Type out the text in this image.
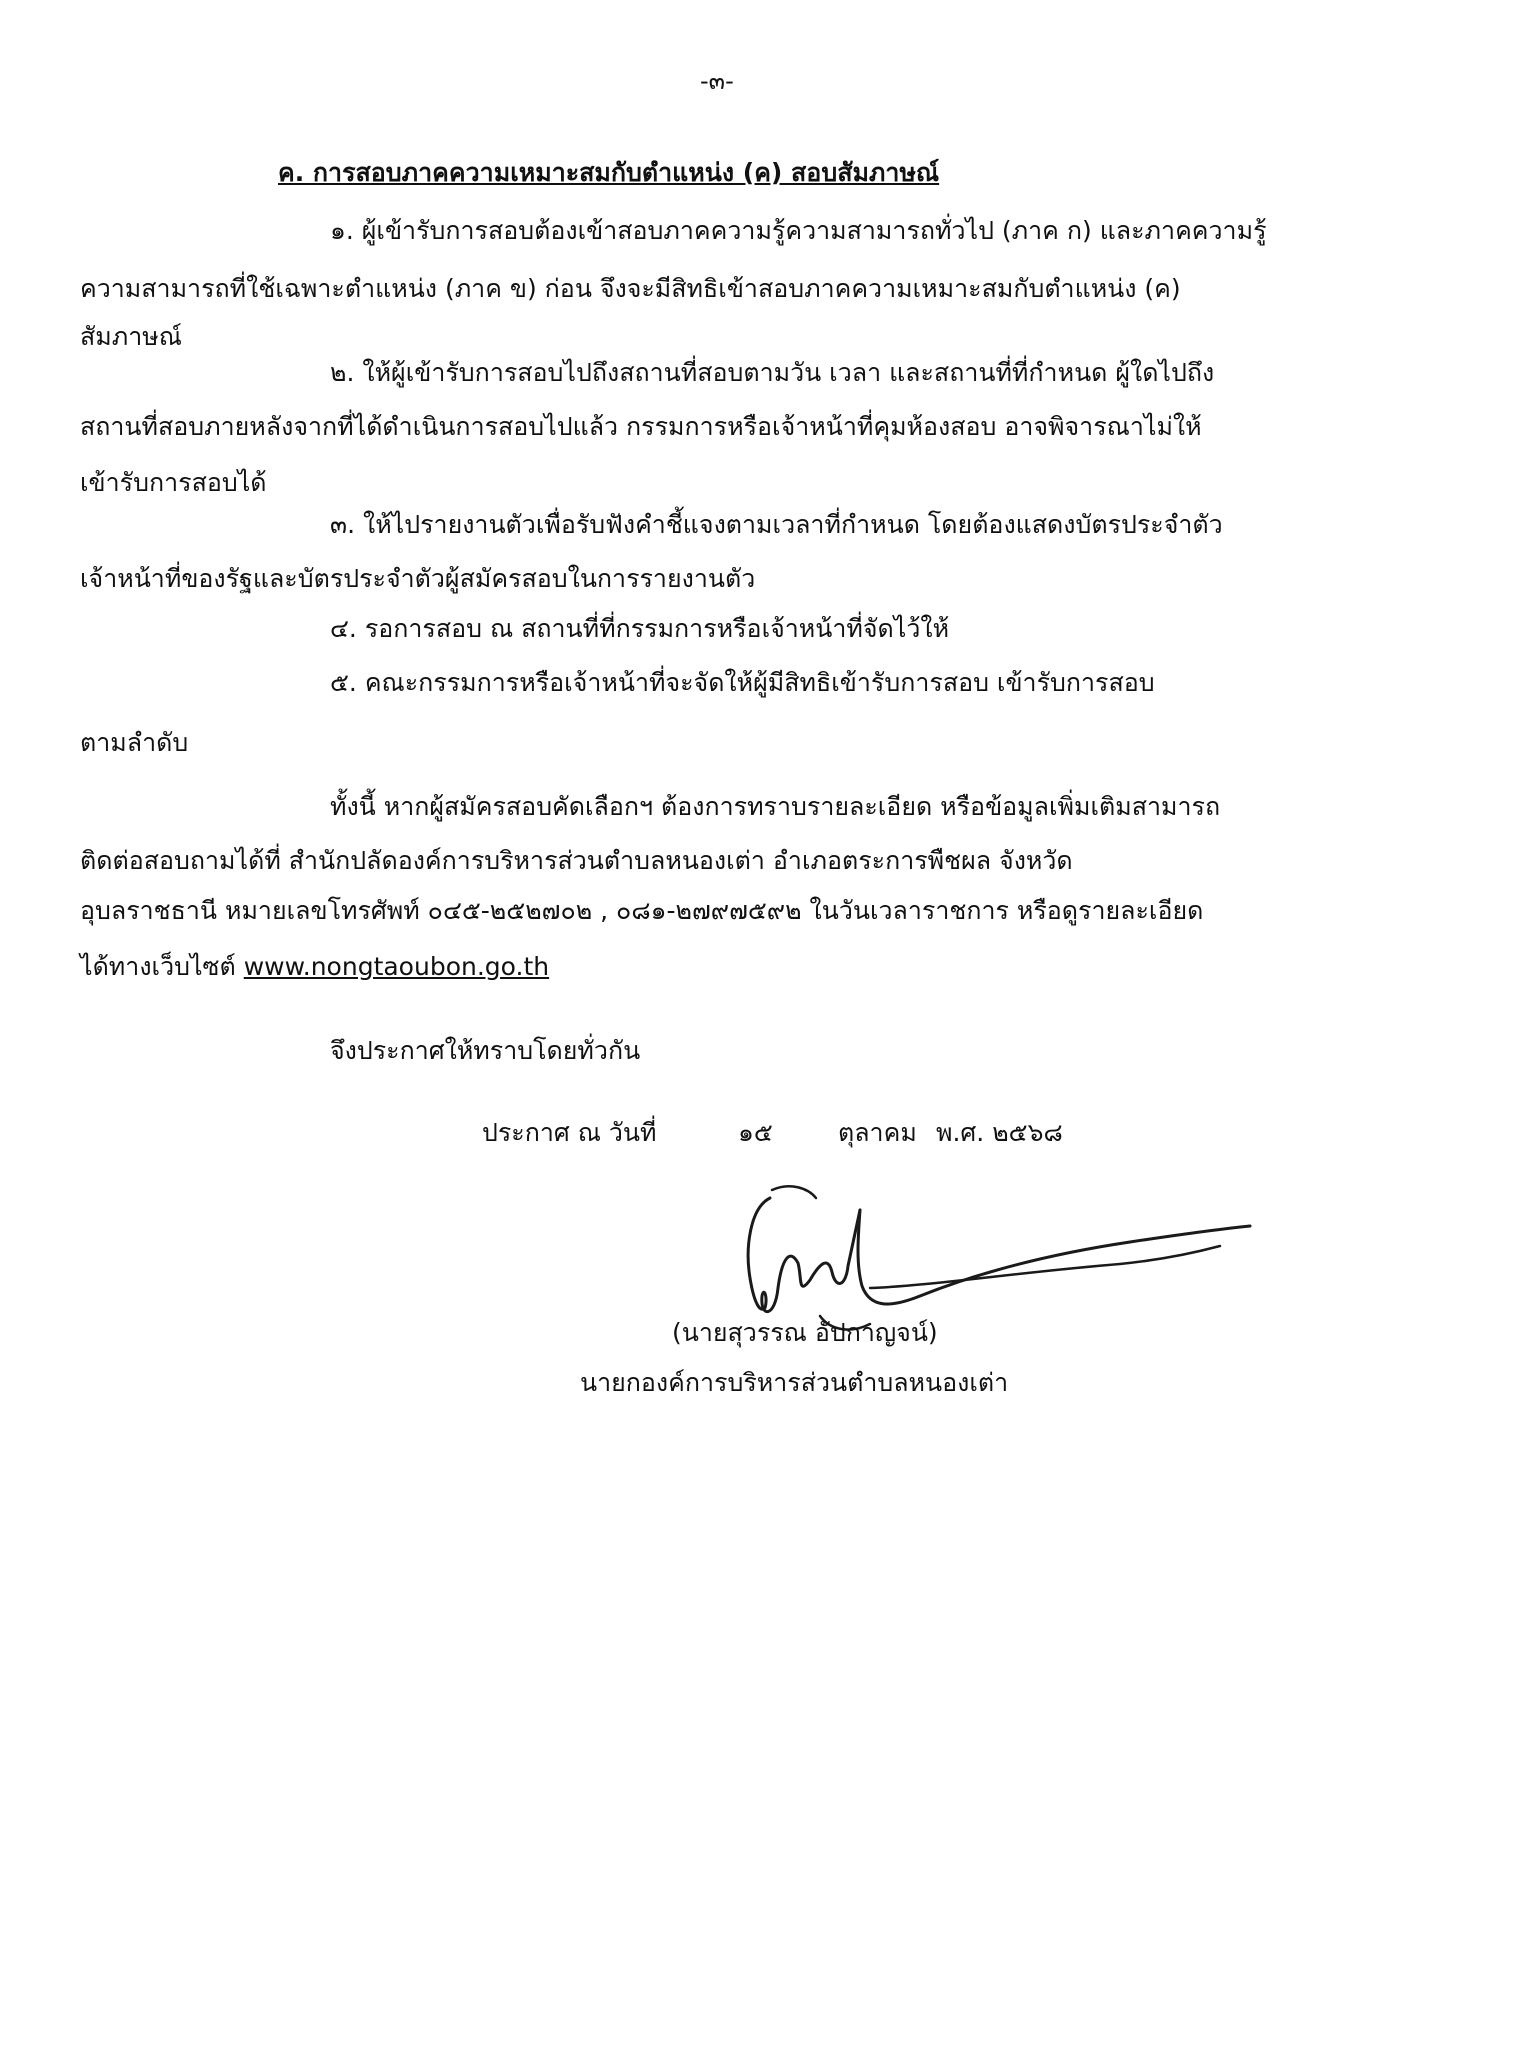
-๓-
ค. การสอบภาคความเหมาะสมกับตำแหน่ง (ค) สอบสัมภาษณ์
๑. ผู้เข้ารับการสอบต้องเข้าสอบภาคความรู้ความสามารถทั่วไป (ภาค ก) และภาคความรู้
ความสามารถที่ใช้เฉพาะตำแหน่ง (ภาค ข) ก่อน จึงจะมีสิทธิเข้าสอบภาคความเหมาะสมกับตำแหน่ง (ค)
สัมภาษณ์
๒. ให้ผู้เข้ารับการสอบไปถึงสถานที่สอบตามวัน เวลา และสถานที่ที่กำหนด ผู้ใดไปถึง
สถานที่สอบภายหลังจากที่ได้ดำเนินการสอบไปแล้ว กรรมการหรือเจ้าหน้าที่คุมห้องสอบ อาจพิจารณาไม่ให้
เข้ารับการสอบได้
๓. ให้ไปรายงานตัวเพื่อรับฟังคำชี้แจงตามเวลาที่กำหนด โดยต้องแสดงบัตรประจำตัว
เจ้าหน้าที่ของรัฐและบัตรประจำตัวผู้สมัครสอบในการรายงานตัว
๔. รอการสอบ ณ สถานที่ที่กรรมการหรือเจ้าหน้าที่จัดไว้ให้
๕. คณะกรรมการหรือเจ้าหน้าที่จะจัดให้ผู้มีสิทธิเข้ารับการสอบ เข้ารับการสอบ
ตามลำดับ
ทั้งนี้ หากผู้สมัครสอบคัดเลือกฯ ต้องการทราบรายละเอียด หรือข้อมูลเพิ่มเติมสามารถ
ติดต่อสอบถามได้ที่ สำนักปลัดองค์การบริหารส่วนตำบลหนองเต่า อำเภอตระการพืชผล จังหวัด
อุบลราชธานี หมายเลขโทรศัพท์ ๐๔๕-๒๕๒๗๐๒ , ๐๘๑-๒๗๙๗๕๙๒ ในวันเวลาราชการ หรือดูรายละเอียด
ได้ทางเว็บไซต์ www.nongtaoubon.go.th
จึงประกาศให้ทราบโดยทั่วกัน
ประกาศ ณ วันที่	๑๕	ตุลาคม พ.ศ. ๒๕๖๘
(นายสุวรรณ อัปกาญจน์)
นายกองค์การบริหารส่วนตำบลหนองเต่า
